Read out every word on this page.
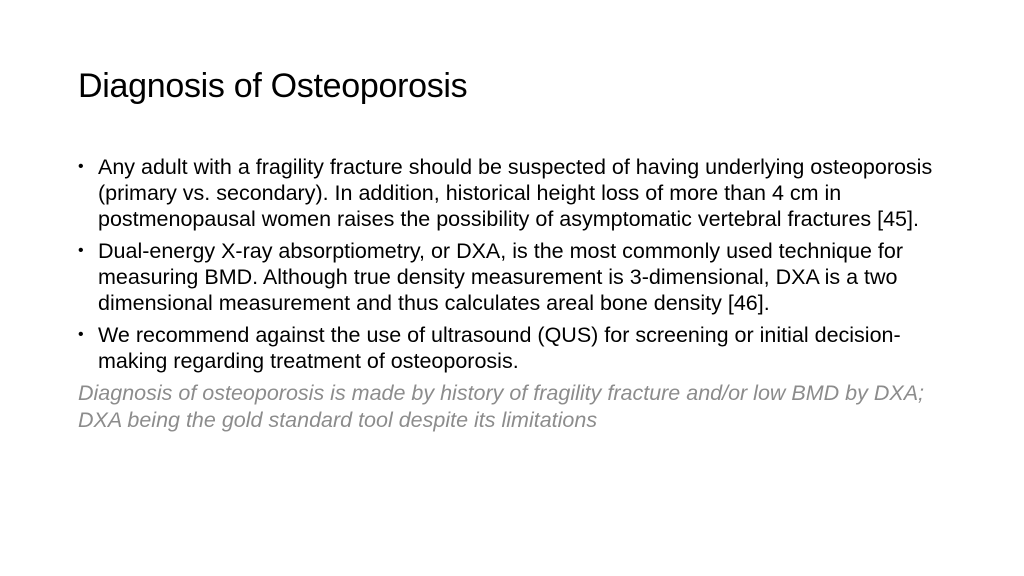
Diagnosis of Osteoporosis
• Any adult with a fragility fracture should be suspected of having underlying osteoporosis (primary vs. secondary). In addition, historical height loss of more than 4 cm in postmenopausal women raises the possibility of asymptomatic vertebral fractures [45].
• Dual-energy X-ray absorptiometry, or DXA, is the most commonly used technique for measuring BMD. Although true density measurement is 3-dimensional, DXA is a two dimensional measurement and thus calculates areal bone density [46].
• We recommend against the use of ultrasound (QUS) for screening or initial decision-making regarding treatment of osteoporosis.

Diagnosis of osteoporosis is made by history of fragility fracture and/or low BMD by DXA; DXA being the gold standard tool despite its limitations
